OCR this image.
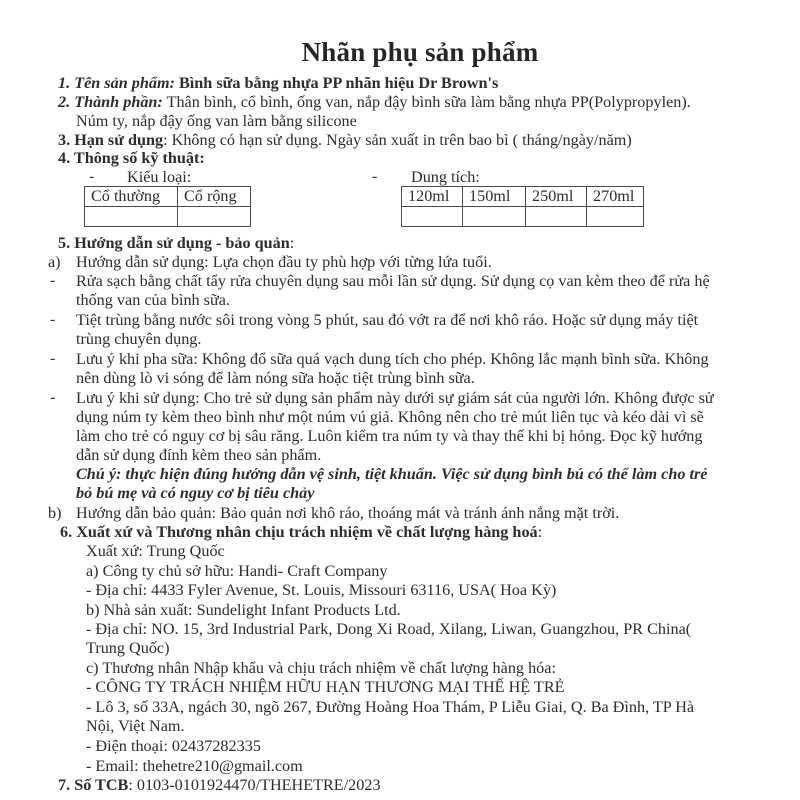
Nhãn phụ sản phẩm
1. Tên sản phẩm: Bình sữa bằng nhựa PP nhãn hiệu Dr Brown's
2. Thành phần: Thân bình, cổ bình, ống van, nắp đậy bình sữa làm bằng nhựa PP(Polypropylen).
Núm ty, nắp đậy ống van làm bằng silicone
3. Hạn sử dụng: Không có hạn sử dụng. Ngày sản xuất in trên bao bì ( tháng/ngày/năm)
4. Thông số kỹ thuật:
- Kiểu loại:
Cổ thường	Cổ rộng

- Dung tích:
120ml	150ml	250ml	270ml

5. Hướng dẫn sử dụng - bảo quản:
a) Hướng dẫn sử dụng: Lựa chọn đầu ty phù hợp với từng lứa tuổi.
- Rửa sạch bằng chất tẩy rửa chuyên dụng sau mỗi lần sử dụng. Sử dụng cọ van kèm theo để rửa hệ
thống van của bình sữa.
- Tiệt trùng bằng nước sôi trong vòng 5 phút, sau đó vớt ra để nơi khô ráo. Hoặc sử dụng máy tiệt
trùng chuyên dụng.
- Lưu ý khi pha sữa: Không đổ sữa quá vạch dung tích cho phép. Không lắc mạnh bình sữa. Không
nên dùng lò vi sóng để làm nóng sữa hoặc tiệt trùng bình sữa.
- Lưu ý khi sử dụng: Cho trẻ sử dụng sản phẩm này dưới sự giám sát của người lớn. Không được sử
dụng núm ty kèm theo bình như một núm vú giả. Không nên cho trẻ mút liên tục và kéo dài vì sẽ
làm cho trẻ có nguy cơ bị sâu răng. Luôn kiểm tra núm ty và thay thế khi bị hỏng. Đọc kỹ hướng
dẫn sử dụng đính kèm theo sản phẩm.
Chú ý: thực hiện đúng hướng dẫn vệ sinh, tiệt khuẩn. Việc sử dụng bình bú có thể làm cho trẻ
bỏ bú mẹ và có nguy cơ bị tiêu chảy
b) Hướng dẫn bảo quản: Bảo quản nơi khô ráo, thoáng mát và tránh ánh nắng mặt trời.
6. Xuất xứ và Thương nhân chịu trách nhiệm về chất lượng hàng hoá:
Xuất xứ: Trung Quốc
a) Công ty chủ sở hữu: Handi- Craft Company
- Địa chỉ: 4433 Fyler Avenue, St. Louis, Missouri 63116, USA( Hoa Kỳ)
b) Nhà sản xuất: Sundelight Infant Products Ltd.
- Địa chỉ: NO. 15, 3rd Industrial Park, Dong Xi Road, Xilang, Liwan, Guangzhou, PR China(
Trung Quốc)
c) Thương nhân Nhập khẩu và chịu trách nhiệm về chất lượng hàng hóa:
- CÔNG TY TRÁCH NHIỆM HỮU HẠN THƯƠNG MẠI THẾ HỆ TRẺ
- Lô 3, số 33A, ngách 30, ngõ 267, Đường Hoàng Hoa Thám, P Liễu Giai, Q. Ba Đình, TP Hà
Nội, Việt Nam.
- Điện thoại: 02437282335
- Email: thehetre210@gmail.com
7. Số TCB: 0103-0101924470/THEHETRE/2023
